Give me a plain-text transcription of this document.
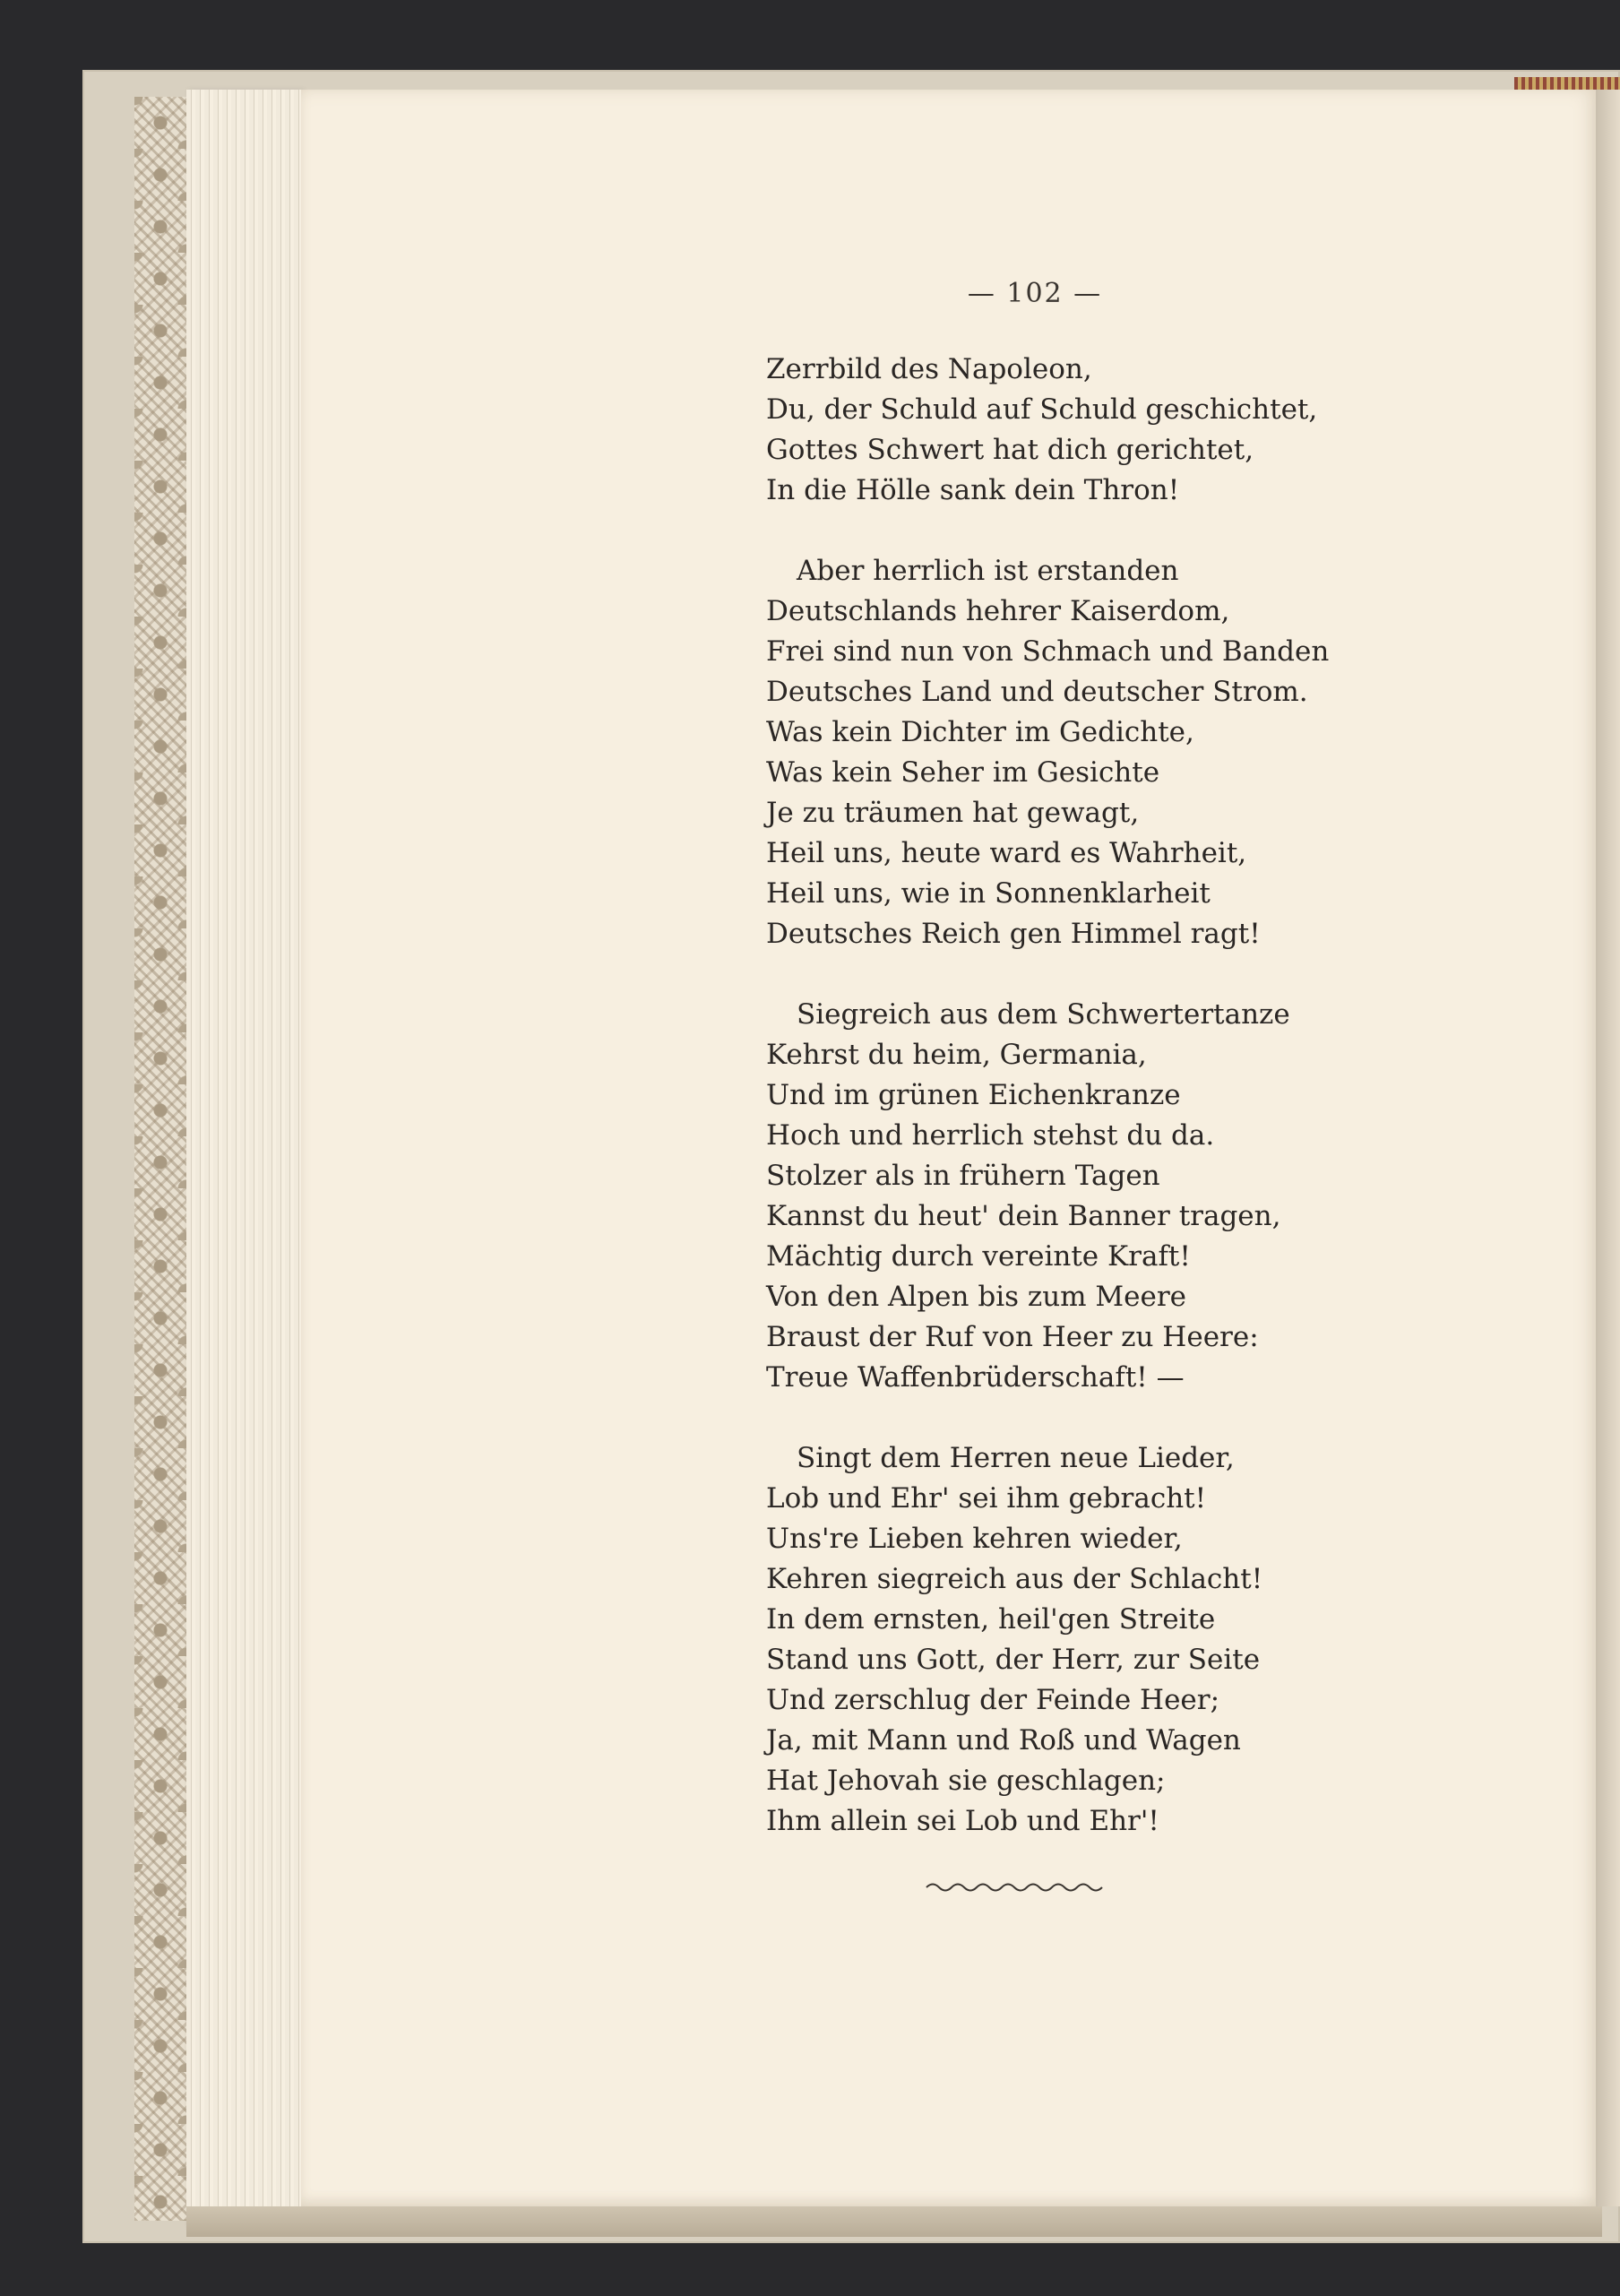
— 102 —
Zerrbild des Napoleon,
Du, der Schuld auf Schuld geschichtet,
Gottes Schwert hat dich gerichtet,
In die Hölle sank dein Thron!
Aber herrlich ist erstanden
Deutschlands hehrer Kaiserdom,
Frei sind nun von Schmach und Banden
Deutsches Land und deutscher Strom.
Was kein Dichter im Gedichte,
Was kein Seher im Gesichte
Je zu träumen hat gewagt,
Heil uns, heute ward es Wahrheit,
Heil uns, wie in Sonnenklarheit
Deutsches Reich gen Himmel ragt!
Siegreich aus dem Schwertertanze
Kehrst du heim, Germania,
Und im grünen Eichenkranze
Hoch und herrlich stehst du da.
Stolzer als in frühern Tagen
Kannst du heut' dein Banner tragen,
Mächtig durch vereinte Kraft!
Von den Alpen bis zum Meere
Braust der Ruf von Heer zu Heere:
Treue Waffenbrüderschaft! —
Singt dem Herren neue Lieder,
Lob und Ehr' sei ihm gebracht!
Uns're Lieben kehren wieder,
Kehren siegreich aus der Schlacht!
In dem ernsten, heil'gen Streite
Stand uns Gott, der Herr, zur Seite
Und zerschlug der Feinde Heer;
Ja, mit Mann und Roß und Wagen
Hat Jehovah sie geschlagen;
Ihm allein sei Lob und Ehr'!
